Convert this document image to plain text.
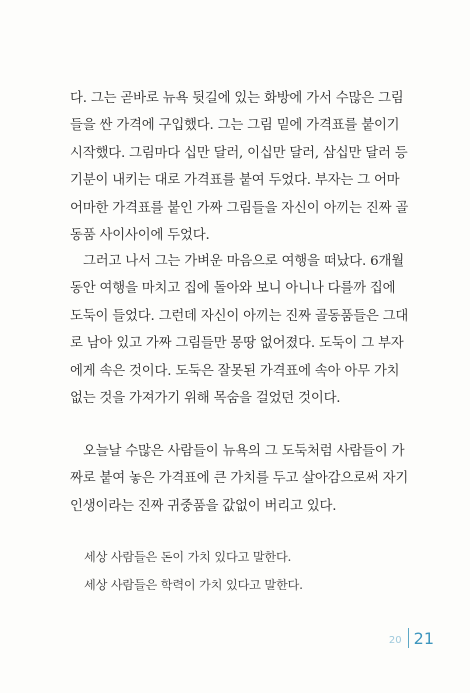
다. 그는 곧바로 뉴욕 뒷길에 있는 화방에 가서 수많은 그림
들을 싼 가격에 구입했다. 그는 그림 밑에 가격표를 붙이기
시작했다. 그림마다 십만 달러, 이십만 달러, 삼십만 달러 등
기분이 내키는 대로 가격표를 붙여 두었다. 부자는 그 어마
어마한 가격표를 붙인 가짜 그림들을 자신이 아끼는 진짜 골
동품 사이사이에 두었다.
그러고 나서 그는 가벼운 마음으로 여행을 떠났다. 6개월
동안 여행을 마치고 집에 돌아와 보니 아니나 다를까 집에
도둑이 들었다. 그런데 자신이 아끼는 진짜 골동품들은 그대
로 남아 있고 가짜 그림들만 몽땅 없어졌다. 도둑이 그 부자
에게 속은 것이다. 도둑은 잘못된 가격표에 속아 아무 가치
없는 것을 가져가기 위해 목숨을 걸었던 것이다.
오늘날 수많은 사람들이 뉴욕의 그 도둑처럼 사람들이 가
짜로 붙여 놓은 가격표에 큰 가치를 두고 살아감으로써 자기
인생이라는 진짜 귀중품을 값없이 버리고 있다.
세상 사람들은 돈이 가치 있다고 말한다.
세상 사람들은 학력이 가치 있다고 말한다.
20 21
